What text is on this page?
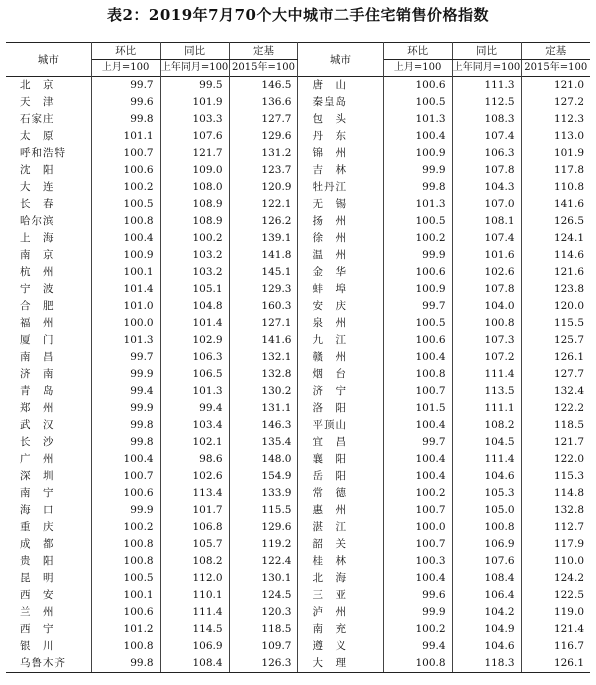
表2：2019年7月70个大中城市二手住宅销售价格指数
城市	环比	同比	定基	城市	环比	同比	定基
	上月=100	上年同月=100	2015年=100		上月=100	上年同月=100	2015年=100
北　京	99.7	99.5	146.5	唐　山	100.6	111.3	121.0
天　津	99.6	101.9	136.6	秦皇岛	100.5	112.5	127.2
石家庄	99.8	103.3	127.7	包　头	101.3	108.3	112.3
太　原	101.1	107.6	129.6	丹　东	100.4	107.4	113.0
呼和浩特	100.7	121.7	131.2	锦　州	100.9	106.3	101.9
沈　阳	100.6	109.0	123.7	吉　林	99.9	107.8	117.8
大　连	100.2	108.0	120.9	牡丹江	99.8	104.3	110.8
长　春	100.5	108.9	122.1	无　锡	101.3	107.0	141.6
哈尔滨	100.8	108.9	126.2	扬　州	100.5	108.1	126.5
上　海	100.4	100.2	139.1	徐　州	100.2	107.4	124.1
南　京	100.9	103.2	141.8	温　州	99.9	101.6	114.6
杭　州	100.1	103.2	145.1	金　华	100.6	102.6	121.6
宁　波	101.4	105.1	129.3	蚌　埠	100.9	107.8	123.8
合　肥	101.0	104.8	160.3	安　庆	99.7	104.0	120.0
福　州	100.0	101.4	127.1	泉　州	100.5	100.8	115.5
厦　门	101.3	102.9	141.6	九　江	100.6	107.3	125.7
南　昌	99.7	106.3	132.1	赣　州	100.4	107.2	126.1
济　南	99.9	106.5	132.8	烟　台	100.8	111.4	127.7
青　岛	99.4	101.3	130.2	济　宁	100.7	113.5	132.4
郑　州	99.9	99.4	131.1	洛　阳	101.5	111.1	122.2
武　汉	99.8	103.4	146.3	平顶山	100.4	108.2	118.5
长　沙	99.8	102.1	135.4	宜　昌	99.7	104.5	121.7
广　州	100.4	98.6	148.0	襄　阳	100.4	111.4	122.0
深　圳	100.7	102.6	154.9	岳　阳	100.4	104.6	115.3
南　宁	100.6	113.4	133.9	常　德	100.2	105.3	114.8
海　口	99.9	101.7	115.5	惠　州	100.7	105.0	132.8
重　庆	100.2	106.8	129.6	湛　江	100.0	100.8	112.7
成　都	100.8	105.7	119.2	韶　关	100.7	106.9	117.9
贵　阳	100.8	108.2	122.4	桂　林	100.3	107.6	110.0
昆　明	100.5	112.0	130.1	北　海	100.4	108.4	124.2
西　安	100.1	110.1	124.5	三　亚	99.6	106.4	122.5
兰　州	100.6	111.4	120.3	泸　州	99.9	104.2	119.0
西　宁	101.2	114.5	118.5	南　充	100.2	104.9	121.4
银　川	100.8	106.9	109.7	遵　义	99.4	104.6	116.7
乌鲁木齐	99.8	108.4	126.3	大　理	100.8	118.3	126.1
